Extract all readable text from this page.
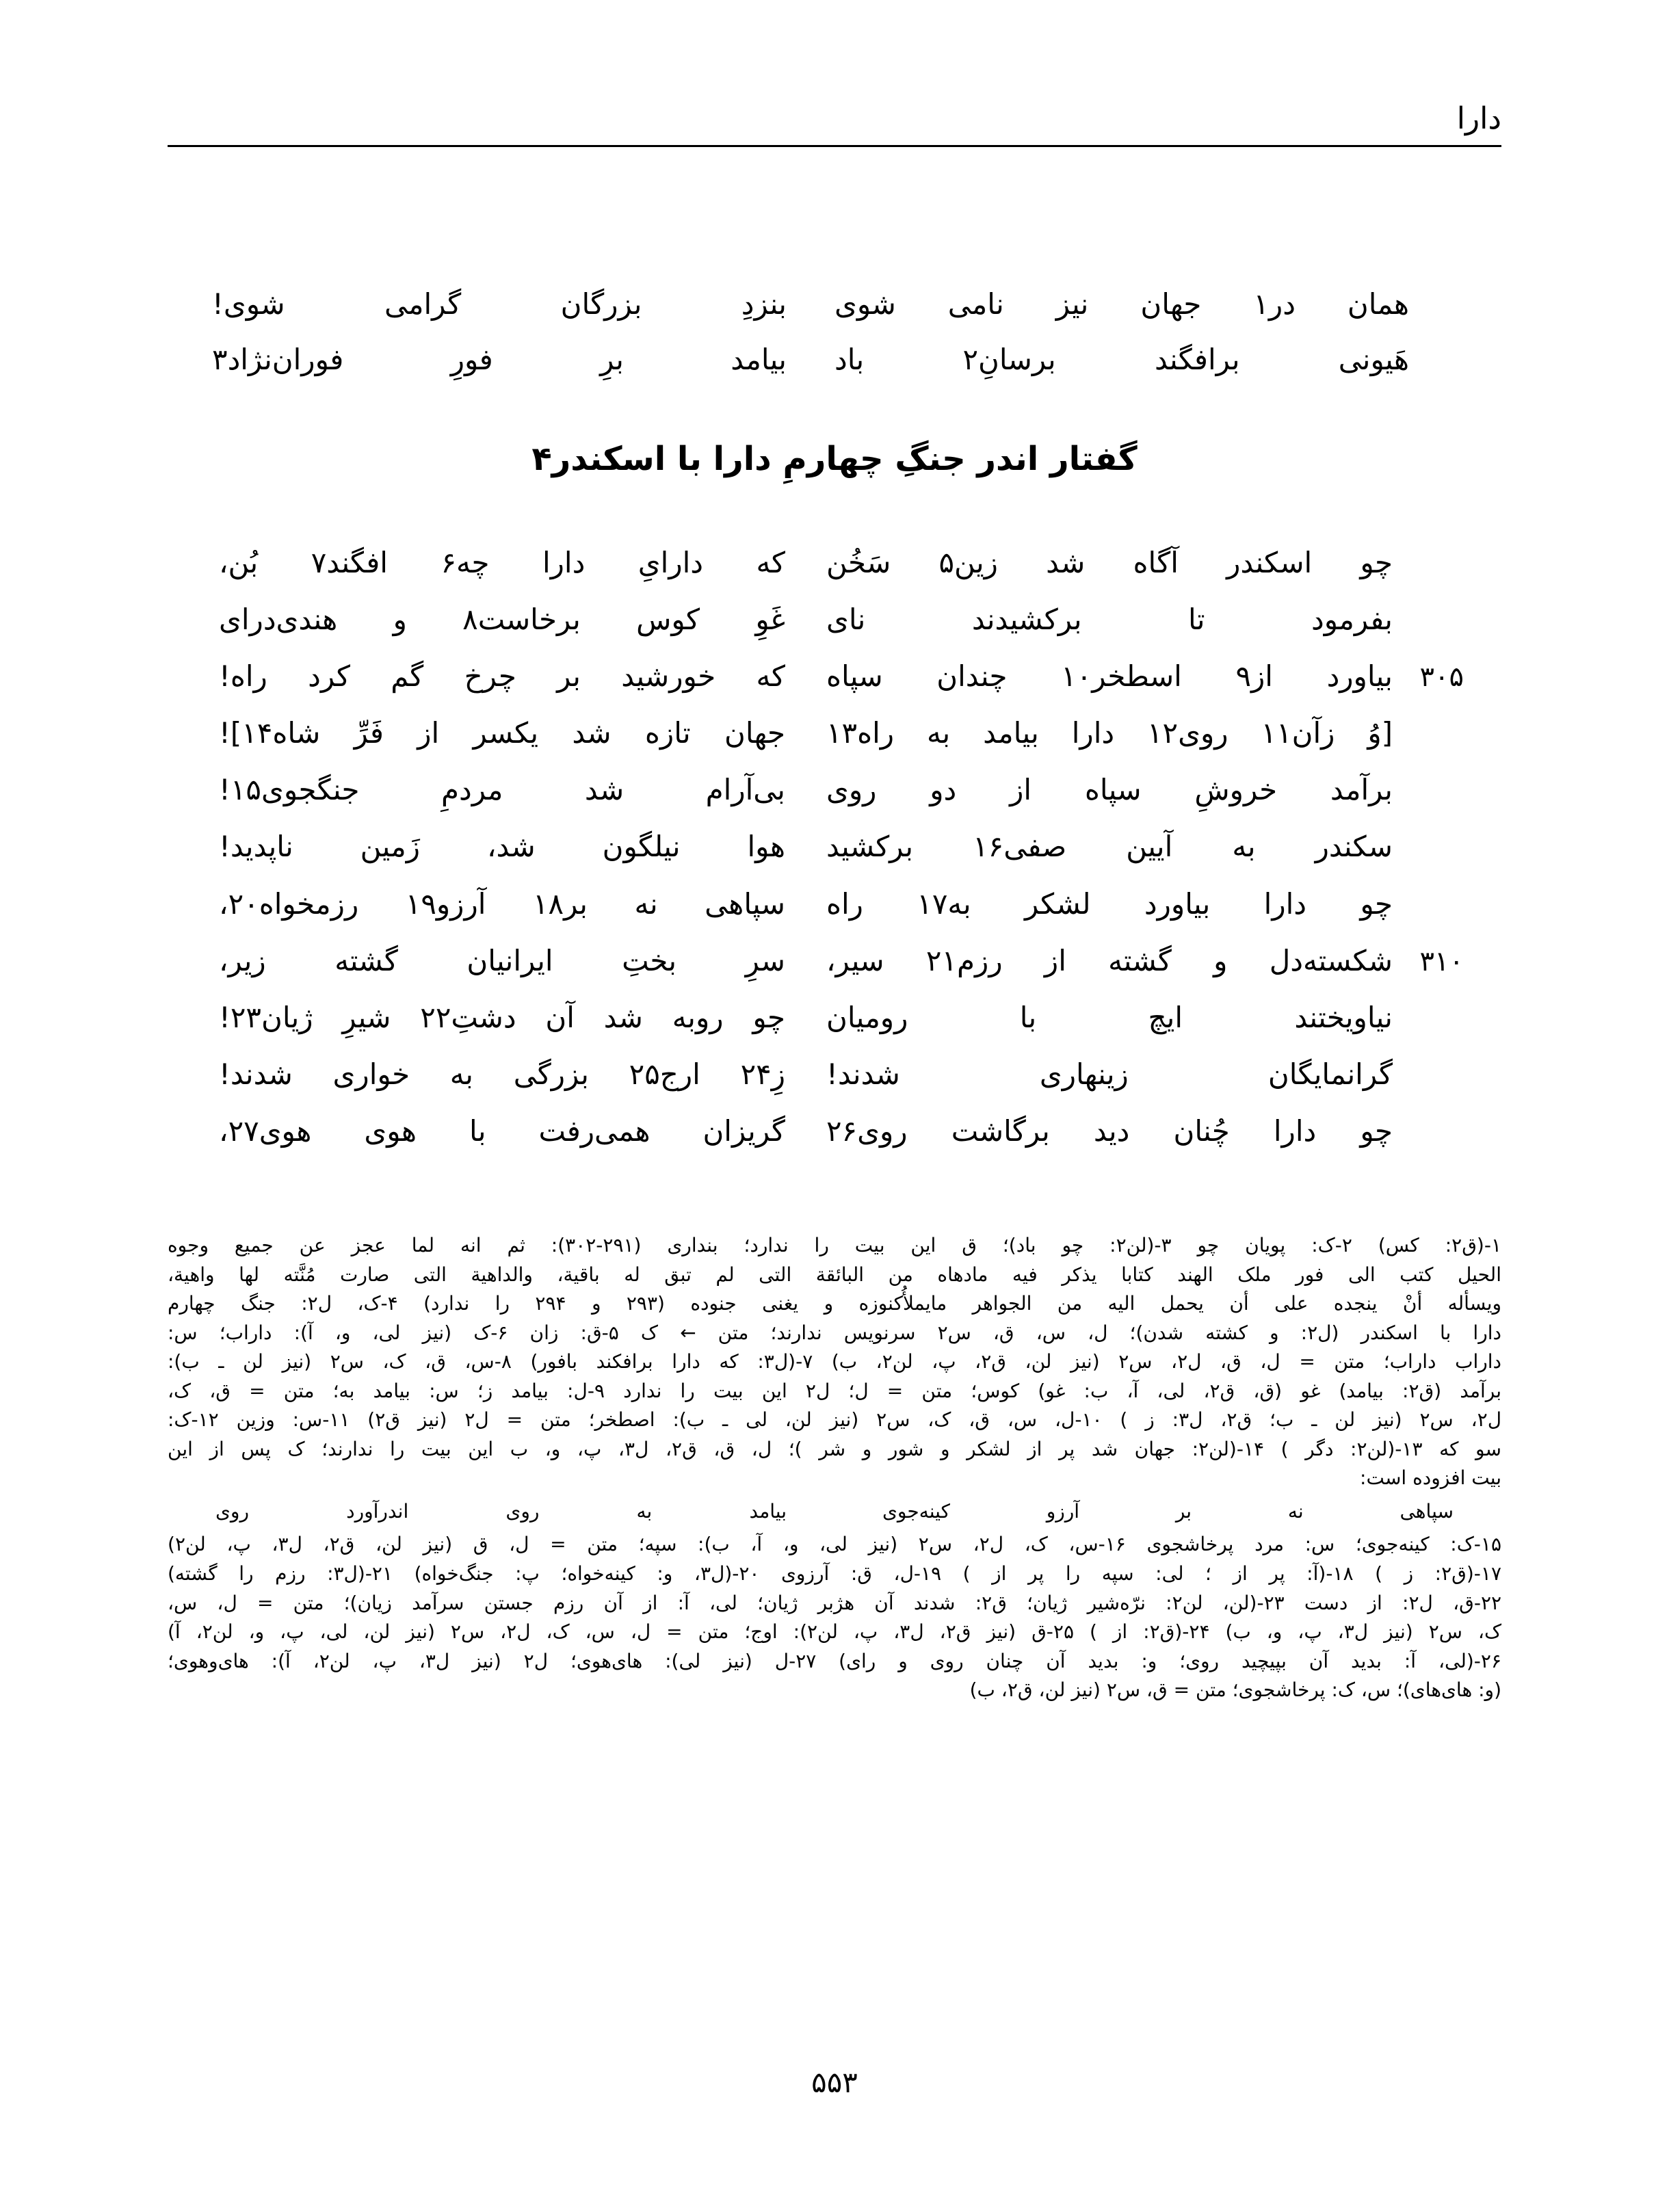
دارا
همان در۱ جهان نیز نامی شوی
بنزدِ بزرگان گرامی شوی!
هَیونی برافگند برسانِ۲ باد
بیامد برِ فورِ فوران‌نژاد۳
گفتار اندر جنگِ چهارمِ دارا با اسکندر۴
چو اسکندر آگاه شد زین۵ سَخُن
که دارایِ دارا چه۶ افگند۷ بُن،
بفرمود تا برکشیدند نای
غَوِ کوس برخاست۸ و هندی‌درای
۳۰۵
بیاورد از۹ اسطخر۱۰ چندان سپاه
که خورشید بر چرخ گم کرد راه!
[وُ زآن۱۱ روی۱۲ دارا بیامد به راه۱۳
جهان تازه شد یکسر از فَرِّ شاه۱۴]!
برآمد خروشِ سپاه از دو روی
بی‌آرام شد مردمِ جنگجوی۱۵!
سکندر به آیین صفی۱۶ برکشید
هوا نیلگون شد، زَمین ناپدید!
چو دارا بیاورد لشکر به۱۷ راه
سپاهی نه بر۱۸ آرزو۱۹ رزمخواه۲۰،
۳۱۰
شکسته‌دل و گشته از رزم۲۱ سیر،
سرِ بختِ ایرانیان گشته زیر،
نیاویختند ایچ با رومیان
چو روبه شد آن دشتِ۲۲ شیرِ ژیان۲۳!
گرانمایگان زینهاری شدند!
زِ۲۴ ارج۲۵ بزرگی به خواری شدند!
چو دارا چُنان دید برگاشت روی۲۶
گریزان همی‌رفت با هوی هوی۲۷،
۱-(ق۲: کس) ۲-ک: پویان چو ۳-(لن۲: چو باد)؛ ق این بیت را ندارد؛ بنداری (۲۹۱-۳۰۲): ثم انه لما عجز عن جمیع وجوه
الحیل کتب الی فور ملک الهند کتابا یذکر فیه مادهاه من البائقة التی لم تبق له باقیة، والداهیة التی صارت مُنَّته لها واهیة،
ویسأله أنْ ینجده علی أن یحمل الیه من الجواهر مایملأُکنوزه و یغنی جنوده (۲۹۳ و ۲۹۴ را ندارد) ۴-ک، ل۲: جنگ چهارم
دارا با اسکندر (ل۲: و کشته شدن)؛ ل، س، ق، س۲ سرنویس ندارند؛ متن ← ک ۵-ق: زان ۶-ک (نیز لی، و، آ): داراب؛ س:
داراب داراب؛ متن = ل، ق، ل۲، س۲ (نیز لن، ق۲، پ، لن۲، ب) ۷-(ل۳: که دارا برافکند بافور) ۸-س، ق، ک، س۲ (نیز لن ـ ب):
برآمد (ق۲: بیامد) غو (ق، ق۲، لی، آ، ب: غو) کوس؛ متن = ل؛ ل۲ این بیت را ندارد ۹-ل: بیامد ز؛ س: بیامد به؛ متن = ق، ک،
ل۲، س۲ (نیز لن ـ ب؛ ق۲، ل۳: ز ) ۱۰-ل، س، ق، ک، س۲ (نیز لن، لی ـ ب): اصطخر؛ متن = ل۲ (نیز ق۲) ۱۱-س: وزین ۱۲-ک:
سو که ۱۳-(لن۲: دگر ) ۱۴-(لن۲: جهان شد پر از لشکر و شور و شر )؛ ل، ق، ق۲، ل۳، پ، و، ب این بیت را ندارند؛ ک پس از این
بیت افزوده است:
سپاهی نه بر آرزو کینه‌جوی
بیامد به روی اندرآورد روی
۱۵-ک: کینه‌جوی؛ س: مرد پرخاشجوی ۱۶-س، ک، ل۲، س۲ (نیز لی، و، آ، ب): سپه؛ متن = ل، ق (نیز لن، ق۲، ل۳، پ، لن۲)
۱۷-(ق۲: ز ) ۱۸-(آ: پر از ؛ لی: سپه را پر از ) ۱۹-ل، ق: آرزوی ۲۰-(ل۳، و: کینه‌خواه؛ پ: جنگ‌خواه) ۲۱-(ل۳: رزم را گشته)
۲۲-ق، ل۲: از دست ۲۳-(لن، لن۲: نرّه‌شیر ژیان؛ ق۲: شدند آن هژبر ژیان؛ لی، آ: از آن رزم جستن سرآمد زیان)؛ متن = ل، س،
ک، س۲ (نیز ل۳، پ، و، ب) ۲۴-(ق۲: از ) ۲۵-ق (نیز ق۲، ل۳، پ، لن۲): اوج؛ متن = ل، س، ک، ل۲، س۲ (نیز لن، لی، پ، و، لن۲، آ)
۲۶-(لی، آ: بدید آن بپیچید روی؛ و: بدید آن چنان روی و رای) ۲۷-ل (نیز لی): های‌هوی؛ ل۲ (نیز ل۳، پ، لن۲، آ): های‌وهوی؛
(و: های‌های)؛ س، ک: پرخاشجوی؛ متن = ق، س۲ (نیز لن، ق۲، ب)
۵۵۳
